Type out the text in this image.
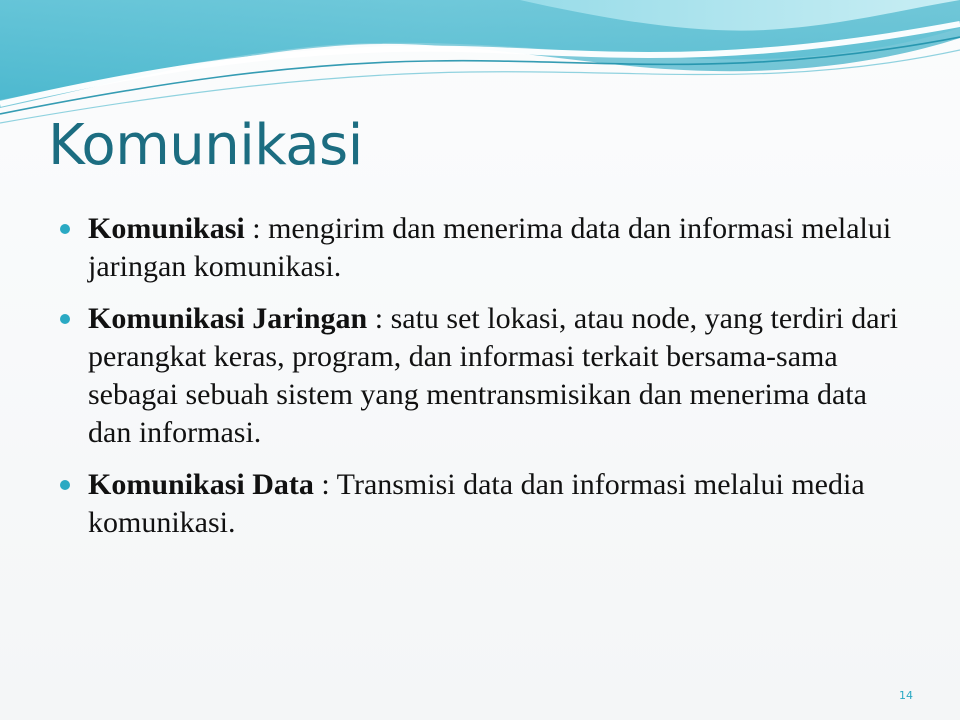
Komunikasi
Komunikasi : mengirim dan menerima data dan informasi melalui jaringan komunikasi.
Komunikasi Jaringan : satu set lokasi, atau node, yang terdiri dari perangkat keras, program, dan informasi terkait bersama-sama sebagai sebuah sistem yang mentransmisikan dan menerima data dan informasi.
Komunikasi Data : Transmisi data dan informasi melalui media komunikasi.
14
